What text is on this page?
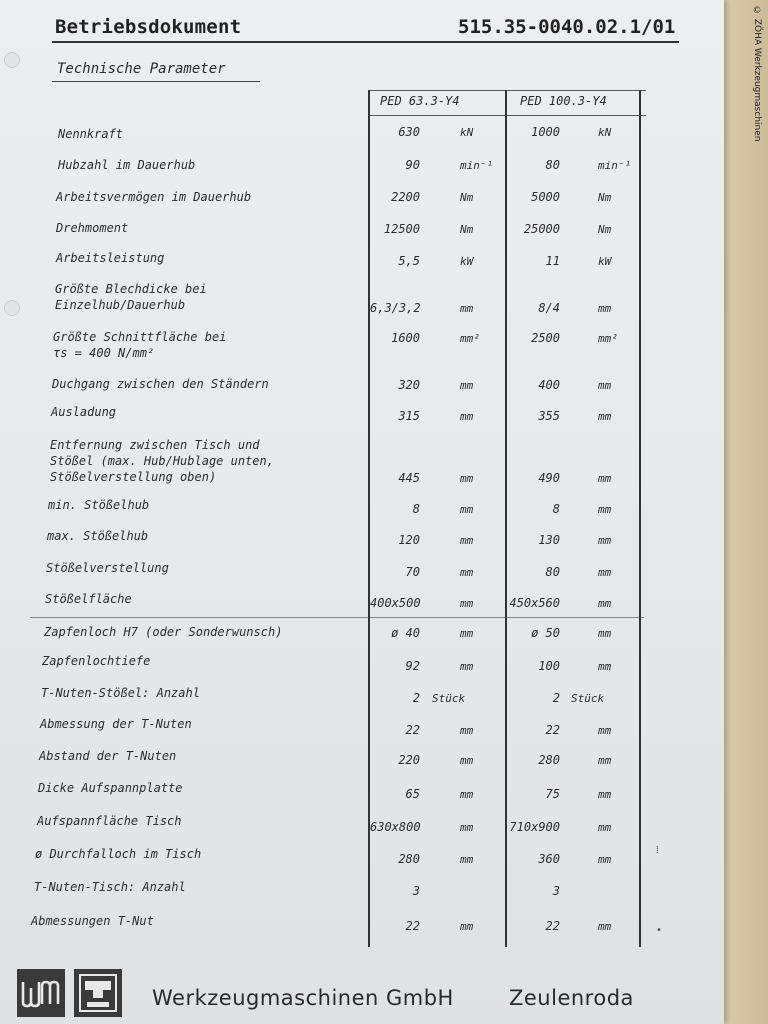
Betriebsdokument	515.35-0040.02.1/01
Technische Parameter
PED 63.3-Y4	PED 100.3-Y4
Nennkraft	630	kN	1000	kN
Hubzahl im Dauerhub	90	min⁻¹	80	min⁻¹
Arbeitsvermögen im Dauerhub	2200	Nm	5000	Nm
Drehmoment	12500	Nm	25000	Nm
Arbeitsleistung	5,5	kW	11	kW
Größte Blechdicke bei
Einzelhub/Dauerhub	6,3/3,2	mm	8/4	mm
Größte Schnittfläche bei
τs = 400 N/mm²
1600	mm²	2500	mm²
Duchgang zwischen den Ständern	320	mm	400	mm
Ausladung	315	mm	355	mm
Entfernung zwischen Tisch und
Stößel (max. Hub/Hublage unten,
Stößelverstellung oben)	445	mm	490	mm
min. Stößelhub	8	mm	8	mm
max. Stößelhub	120	mm	130	mm
Stößelverstellung	70	mm	80	mm
Stößelfläche	400x500	mm	450x560	mm
Zapfenloch H7 (oder Sonderwunsch)	ø 40	mm	ø 50	mm
Zapfenlochtiefe	92	mm	100	mm
T-Nuten-Stößel: Anzahl	2 Stück	2 Stück
Abmessung der T-Nuten	22	mm	22	mm
Abstand der T-Nuten	220	mm	280	mm
Dicke Aufspannplatte	65	mm	75	mm
Aufspannfläche Tisch	630x800	mm	710x900	mm
ø Durchfalloch im Tisch	280	mm	360	mm
T-Nuten-Tisch: Anzahl	3	3
Abmessungen T-Nut	22	mm	22	mm
⁞
•
Werkzeugmaschinen GmbH	Zeulenroda
© ZÖHA Werkzeugmaschinen
